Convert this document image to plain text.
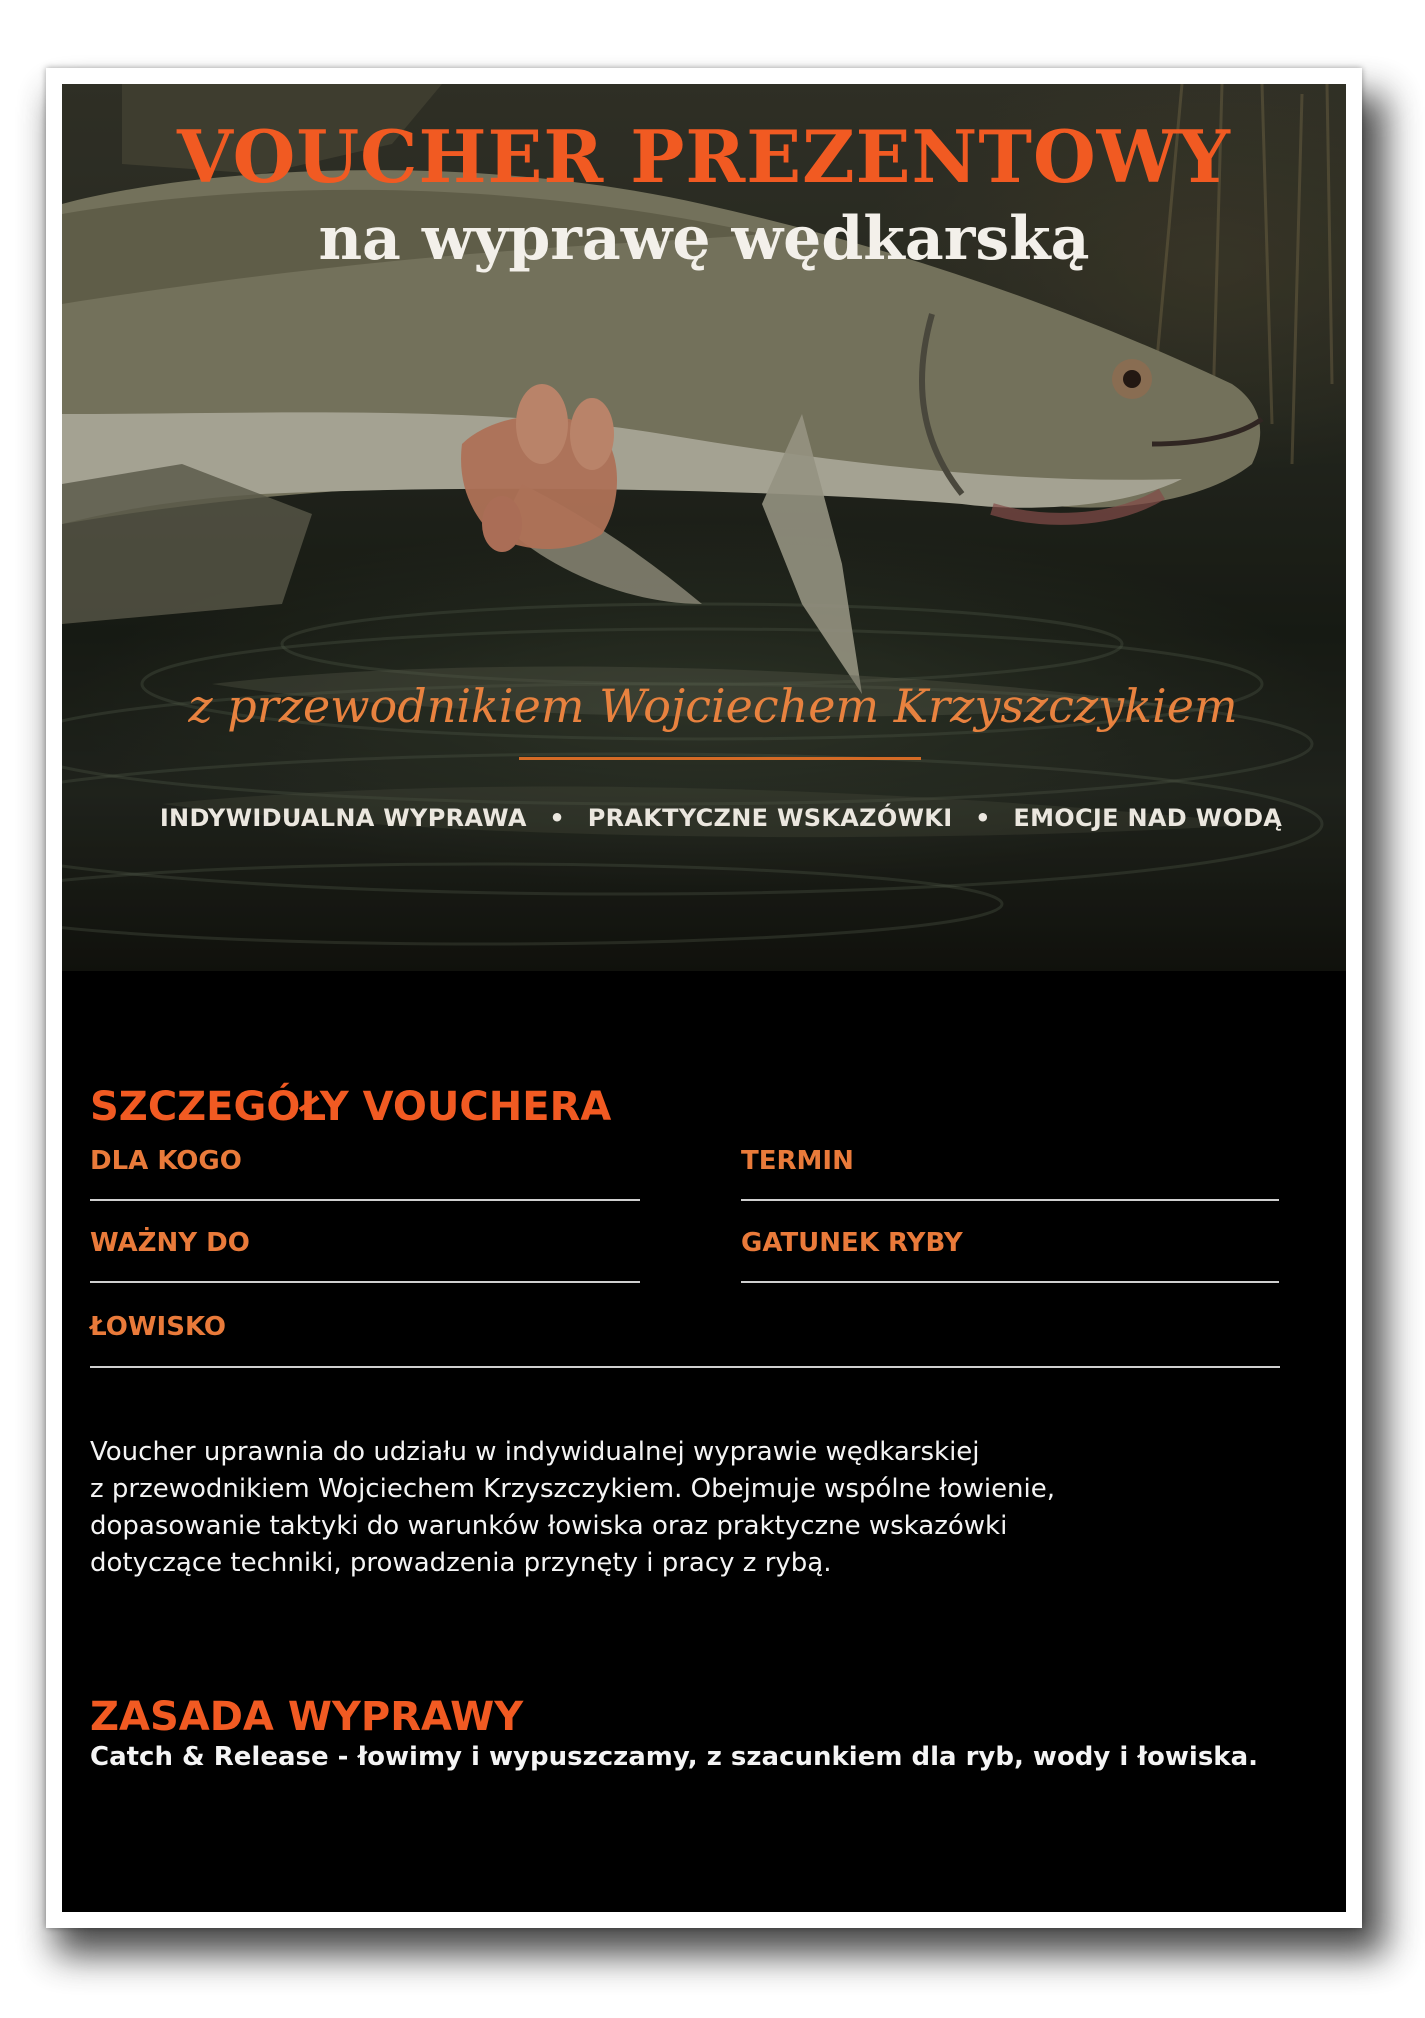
VOUCHER PREZENTOWY
na wyprawę wędkarską
z przewodnikiem Wojciechem Krzyszczykiem
INDYWIDUALNA WYPRAWA • PRAKTYCZNE WSKAZÓWKI • EMOCJE NAD WODĄ
SZCZEGÓŁY VOUCHERA
DLA KOGO	TERMIN
WAŻNY DO	GATUNEK RYBY
ŁOWISKO

Voucher uprawnia do udziału w indywidualnej wyprawie wędkarskiej
z przewodnikiem Wojciechem Krzyszczykiem. Obejmuje wspólne łowienie,
dopasowanie taktyki do warunków łowiska oraz praktyczne wskazówki
dotyczące techniki, prowadzenia przynęty i pracy z rybą.

ZASADA WYPRAWY

Catch & Release - łowimy i wypuszczamy, z szacunkiem dla ryb, wody i łowiska.
